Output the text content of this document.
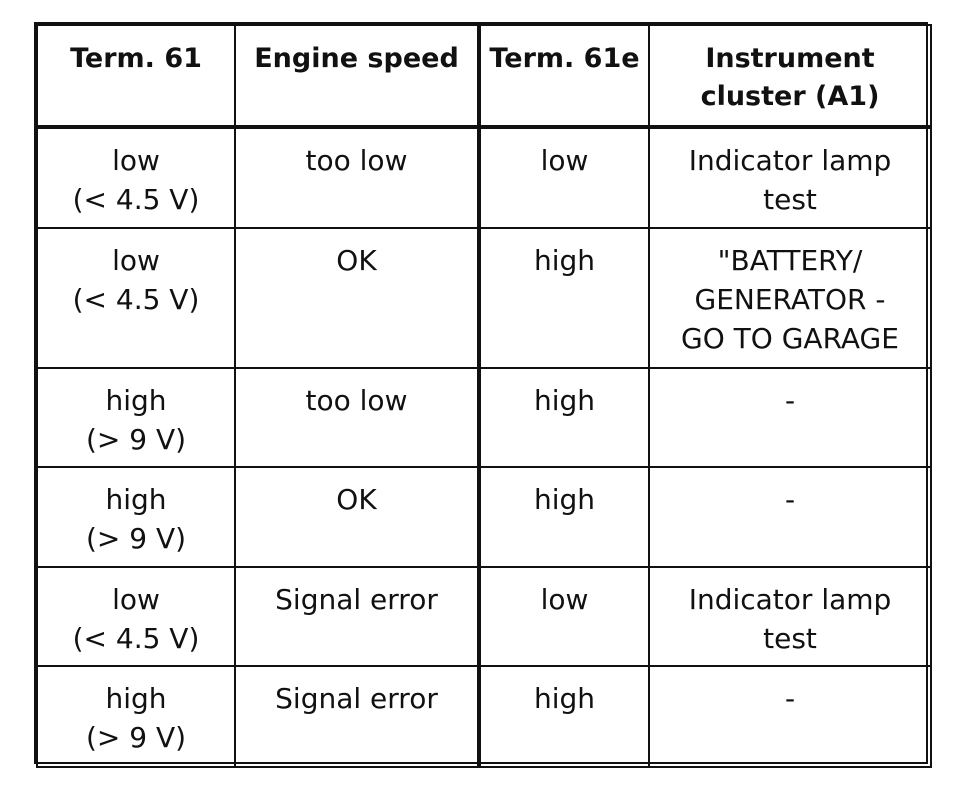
Term. 61	Engine speed	Term. 61e	Instrument
cluster (A1)

low
(< 4.5 V)	too low	low	Indicator lamp
test

low
(< 4.5 V)	OK	high	"BATTERY/
GENERATOR -
GO TO GARAGE

high
(> 9 V)	too low	high	-

high
(> 9 V)	OK	high	-

low
(< 4.5 V)	Signal error	low	Indicator lamp
test

high
(> 9 V)	Signal error	high	-
